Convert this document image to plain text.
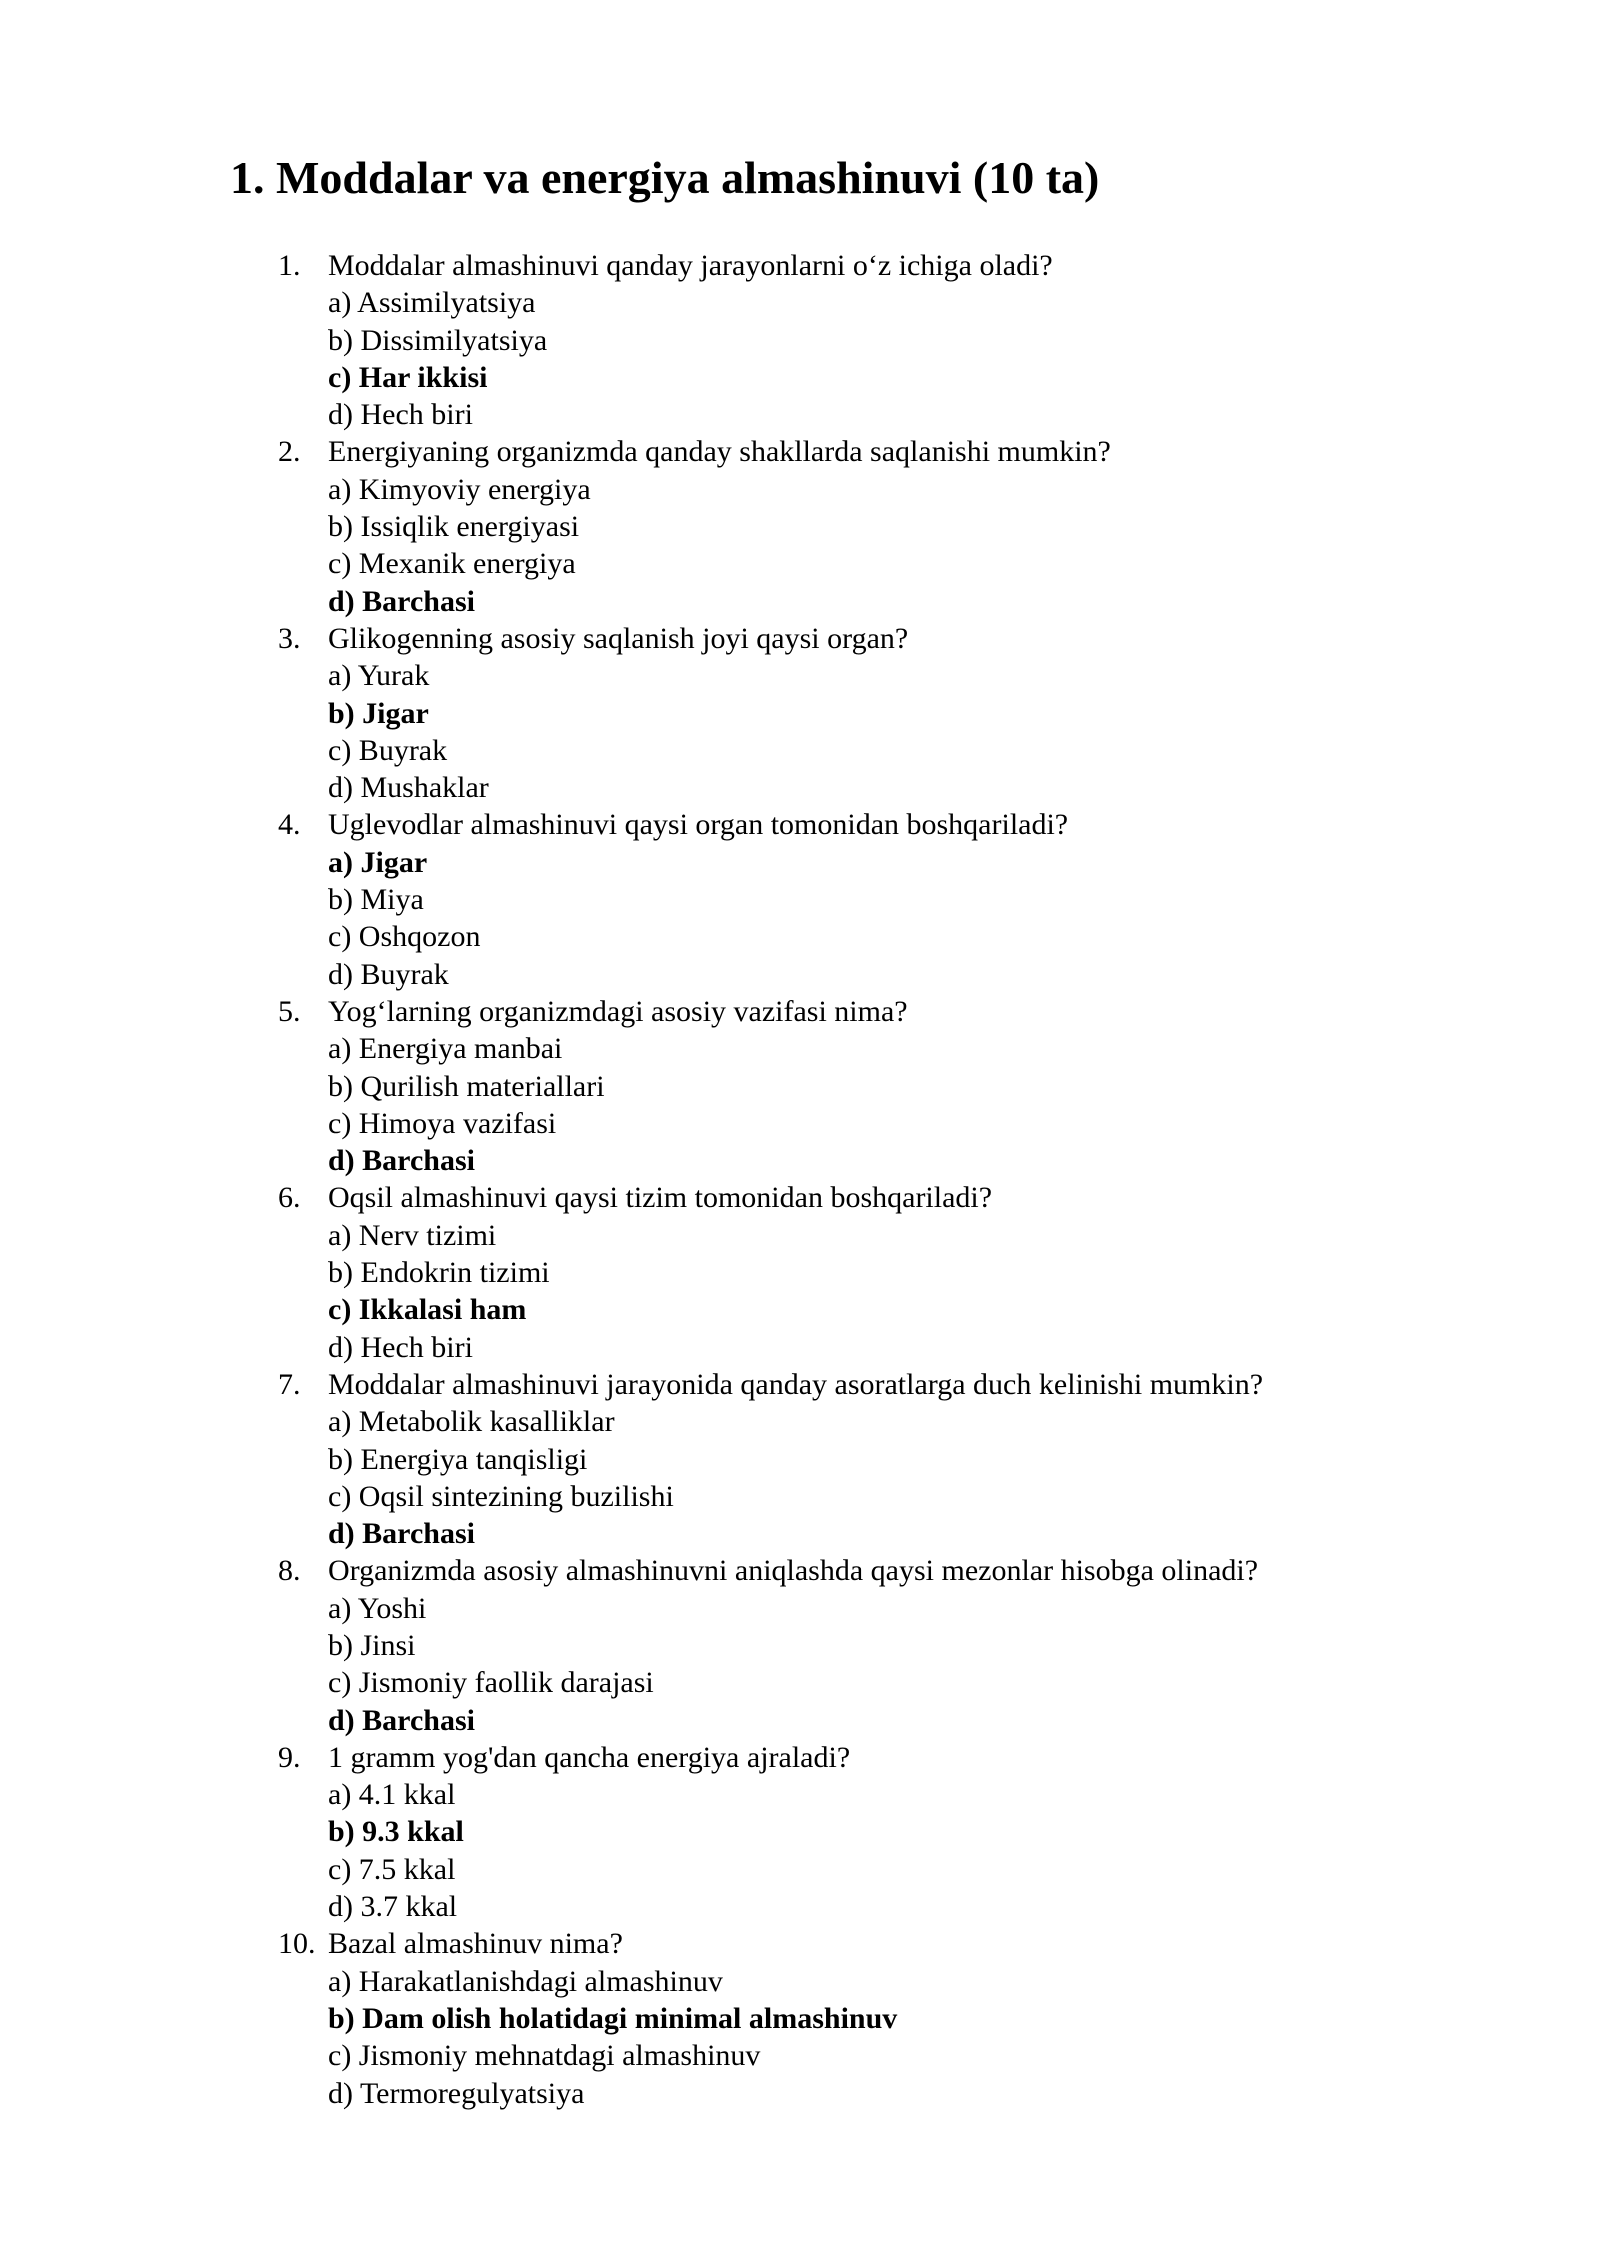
1. Moddalar va energiya almashinuvi (10 ta)
1. Moddalar almashinuvi qanday jarayonlarni o‘z ichiga oladi?
a) Assimilyatsiya
b) Dissimilyatsiya
c) Har ikkisi
d) Hech biri
2. Energiyaning organizmda qanday shakllarda saqlanishi mumkin?
a) Kimyoviy energiya
b) Issiqlik energiyasi
c) Mexanik energiya
d) Barchasi
3. Glikogenning asosiy saqlanish joyi qaysi organ?
a) Yurak
b) Jigar
c) Buyrak
d) Mushaklar
4. Uglevodlar almashinuvi qaysi organ tomonidan boshqariladi?
a) Jigar
b) Miya
c) Oshqozon
d) Buyrak
5. Yog‘larning organizmdagi asosiy vazifasi nima?
a) Energiya manbai
b) Qurilish materiallari
c) Himoya vazifasi
d) Barchasi
6. Oqsil almashinuvi qaysi tizim tomonidan boshqariladi?
a) Nerv tizimi
b) Endokrin tizimi
c) Ikkalasi ham
d) Hech biri
7. Moddalar almashinuvi jarayonida qanday asoratlarga duch kelinishi mumkin?
a) Metabolik kasalliklar
b) Energiya tanqisligi
c) Oqsil sintezining buzilishi
d) Barchasi
8. Organizmda asosiy almashinuvni aniqlashda qaysi mezonlar hisobga olinadi?
a) Yoshi
b) Jinsi
c) Jismoniy faollik darajasi
d) Barchasi
9. 1 gramm yog'dan qancha energiya ajraladi?
a) 4.1 kkal
b) 9.3 kkal
c) 7.5 kkal
d) 3.7 kkal
10. Bazal almashinuv nima?
a) Harakatlanishdagi almashinuv
b) Dam olish holatidagi minimal almashinuv
c) Jismoniy mehnatdagi almashinuv
d) Termoregulyatsiya
